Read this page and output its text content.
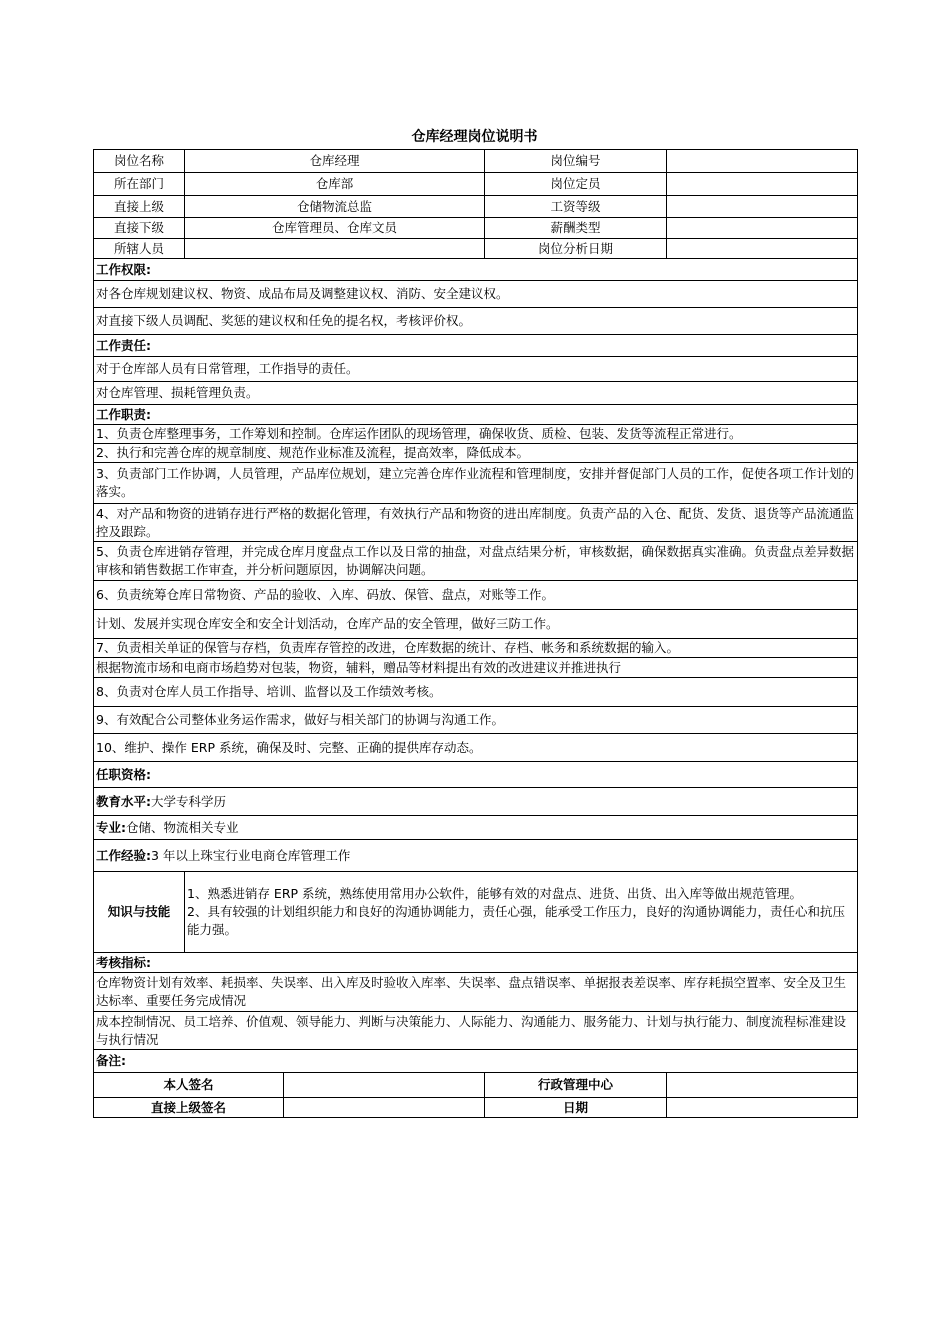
仓库经理岗位说明书
岗位名称	仓库经理		岗位编号	
所在部门	仓库部		岗位定员	
直接上级	仓储物流总监		工资等级	
直接下级	仓库管理员、仓库文员		薪酬类型	
所辖人员			岗位分析日期	
工作权限:				
对各仓库规划建议权、物资、成品布局及调整建议权、消防、安全建议权。				
对直接下级人员调配、奖惩的建议权和任免的提名权，考核评价权。				
工作责任:				
对于仓库部人员有日常管理，工作指导的责任。				
对仓库管理、损耗管理负责。				
工作职责:				
1、负责仓库整理事务，工作筹划和控制。仓库运作团队的现场管理，确保收货、质检、包装、发货等流程正常进行。				
2、执行和完善仓库的规章制度、规范作业标准及流程，提高效率，降低成本。				
3、负责部门工作协调，人员管理，产品库位规划，建立完善仓库作业流程和管理制度，安排并督促部门人员的工作，促使各项工作计划的落实。				
4、对产品和物资的进销存进行严格的数据化管理，有效执行产品和物资的进出库制度。负责产品的入仓、配货、发货、退货等产品流通监控及跟踪。				
5、负责仓库进销存管理，并完成仓库月度盘点工作以及日常的抽盘，对盘点结果分析，审核数据，确保数据真实准确。负责盘点差异数据审核和销售数据工作审查，并分析问题原因，协调解决问题。				
6、负责统筹仓库日常物资、产品的验收、入库、码放、保管、盘点，对账等工作。				
计划、发展并实现仓库安全和安全计划活动，仓库产品的安全管理，做好三防工作。				
7、负责相关单证的保管与存档，负责库存管控的改进，仓库数据的统计、存档、帐务和系统数据的输入。				
根据物流市场和电商市场趋势对包装，物资，辅料，赠品等材料提出有效的改进建议并推进执行				
8、负责对仓库人员工作指导、培训、监督以及工作绩效考核。				
9、有效配合公司整体业务运作需求，做好与相关部门的协调与沟通工作。				
10、维护、操作 ERP 系统，确保及时、完整、正确的提供库存动态。				
任职资格:				
教育水平:大学专科学历				
专业:仓储、物流相关专业				
工作经验:3 年以上珠宝行业电商仓库管理工作				
知识与技能	1、熟悉进销存 ERP 系统，熟练使用常用办公软件，能够有效的对盘点、进货、出货、出入库等做出规范管理。
2、具有较强的计划组织能力和良好的沟通协调能力，责任心强，能承受工作压力，良好的沟通协调能力，责任心和抗压能力强。			

考核指标:				
仓库物资计划有效率、耗损率、失误率、出入库及时验收入库率、失误率、盘点错误率、单据报表差误率、库存耗损空置率、安全及卫生达标率、重要任务完成情况				
成本控制情况、员工培养、价值观、领导能力、判断与决策能力、人际能力、沟通能力、服务能力、计划与执行能力、制度流程标准建设与执行情况				
备注:				
本人签名			行政管理中心	
直接上级签名			日期	
